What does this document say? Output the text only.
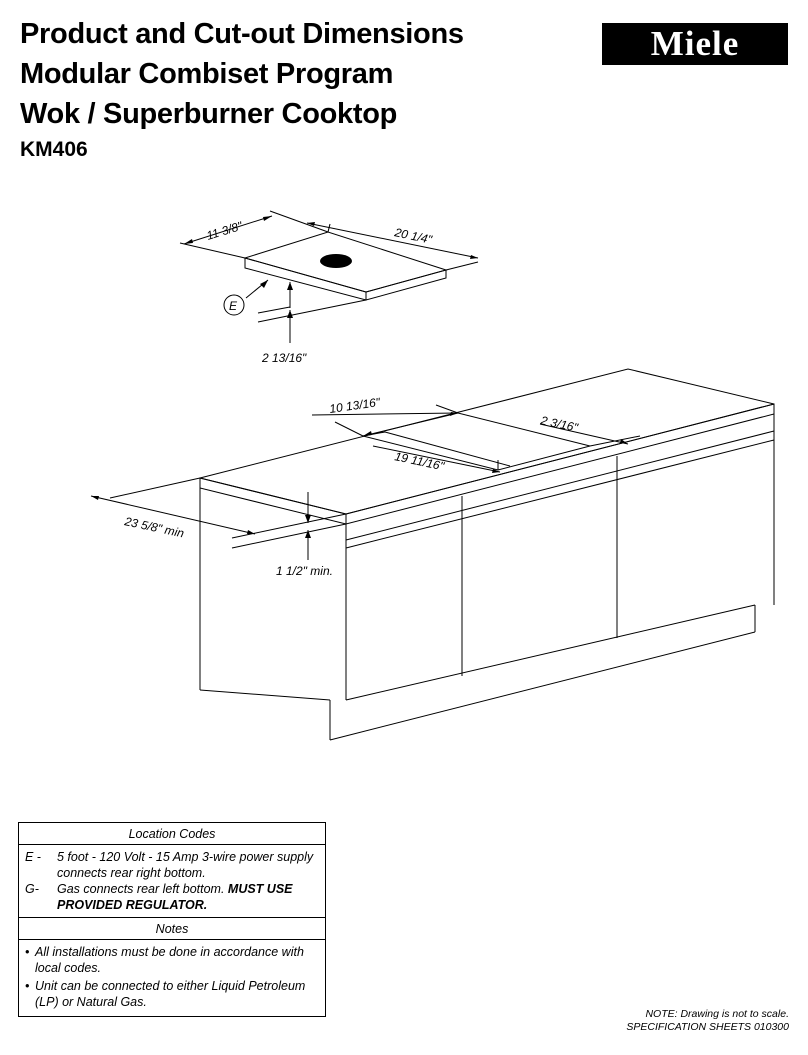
Product and Cut-out Dimensions
Modular Combiset Program
Wok / Superburner Cooktop
KM406
Miele
11 3/8"	20 1/4"
2 13/16"
E
10 13/16"
19 11/16"
2 3/16"
23 5/8" min
1 1/2" min.
Location Codes
E -	5 foot - 120 Volt - 15 Amp 3-wire power supply connects rear right bottom.
G-	Gas connects rear left bottom. MUST USE PROVIDED REGULATOR.
Notes
• All installations must be done in accordance with local codes.
• Unit can be connected to either Liquid Petroleum (LP) or Natural Gas.
NOTE: Drawing is not to scale.
SPECIFICATION SHEETS 010300
